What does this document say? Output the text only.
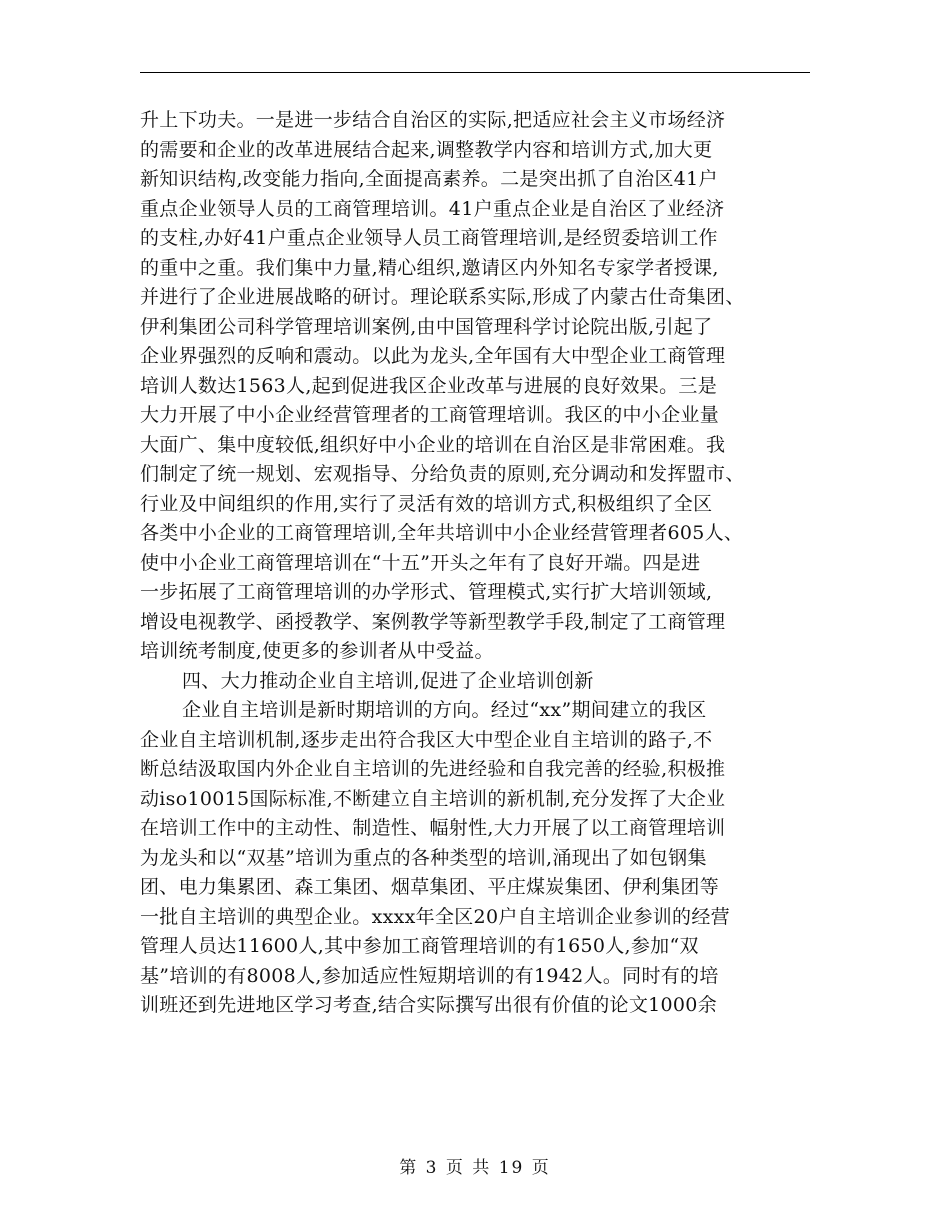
升上下功夫。一是进一步结合自治区的实际,把适应社会主义市场经济
的需要和企业的改革进展结合起来,调整教学内容和培训方式,加大更
新知识结构,改变能力指向,全面提高素养。二是突出抓了自治区41户
重点企业领导人员的工商管理培训。41户重点企业是自治区了业经济
的支柱,办好41户重点企业领导人员工商管理培训,是经贸委培训工作
的重中之重。我们集中力量,精心组织,邀请区内外知名专家学者授课,
并进行了企业进展战略的研讨。理论联系实际,形成了内蒙古仕奇集团、
伊利集团公司科学管理培训案例,由中国管理科学讨论院出版,引起了
企业界强烈的反响和震动。以此为龙头,全年国有大中型企业工商管理
培训人数达1563人,起到促进我区企业改革与进展的良好效果。三是
大力开展了中小企业经营管理者的工商管理培训。我区的中小企业量
大面广、集中度较低,组织好中小企业的培训在自治区是非常困难。我
们制定了统一规划、宏观指导、分给负责的原则,充分调动和发挥盟市、
行业及中间组织的作用,实行了灵活有效的培训方式,积极组织了全区
各类中小企业的工商管理培训,全年共培训中小企业经营管理者605人、
使中小企业工商管理培训在“十五”开头之年有了良好开端。四是进
一步拓展了工商管理培训的办学形式、管理模式,实行扩大培训领域,
增设电视教学、函授教学、案例教学等新型教学手段,制定了工商管理
培训统考制度,使更多的参训者从中受益。
四、大力推动企业自主培训,促进了企业培训创新
企业自主培训是新时期培训的方向。经过“xx”期间建立的我区
企业自主培训机制,逐步走出符合我区大中型企业自主培训的路子,不
断总结汲取国内外企业自主培训的先进经验和自我完善的经验,积极推
动iso10015国际标准,不断建立自主培训的新机制,充分发挥了大企业
在培训工作中的主动性、制造性、幅射性,大力开展了以工商管理培训
为龙头和以“双基”培训为重点的各种类型的培训,涌现出了如包钢集
团、电力集累团、森工集团、烟草集团、平庄煤炭集团、伊利集团等
一批自主培训的典型企业。xxxx年全区20户自主培训企业参训的经营
管理人员达11600人,其中参加工商管理培训的有1650人,参加“双
基”培训的有8008人,参加适应性短期培训的有1942人。同时有的培
训班还到先进地区学习考查,结合实际撰写出很有价值的论文1000余
第 3 页 共 19 页
